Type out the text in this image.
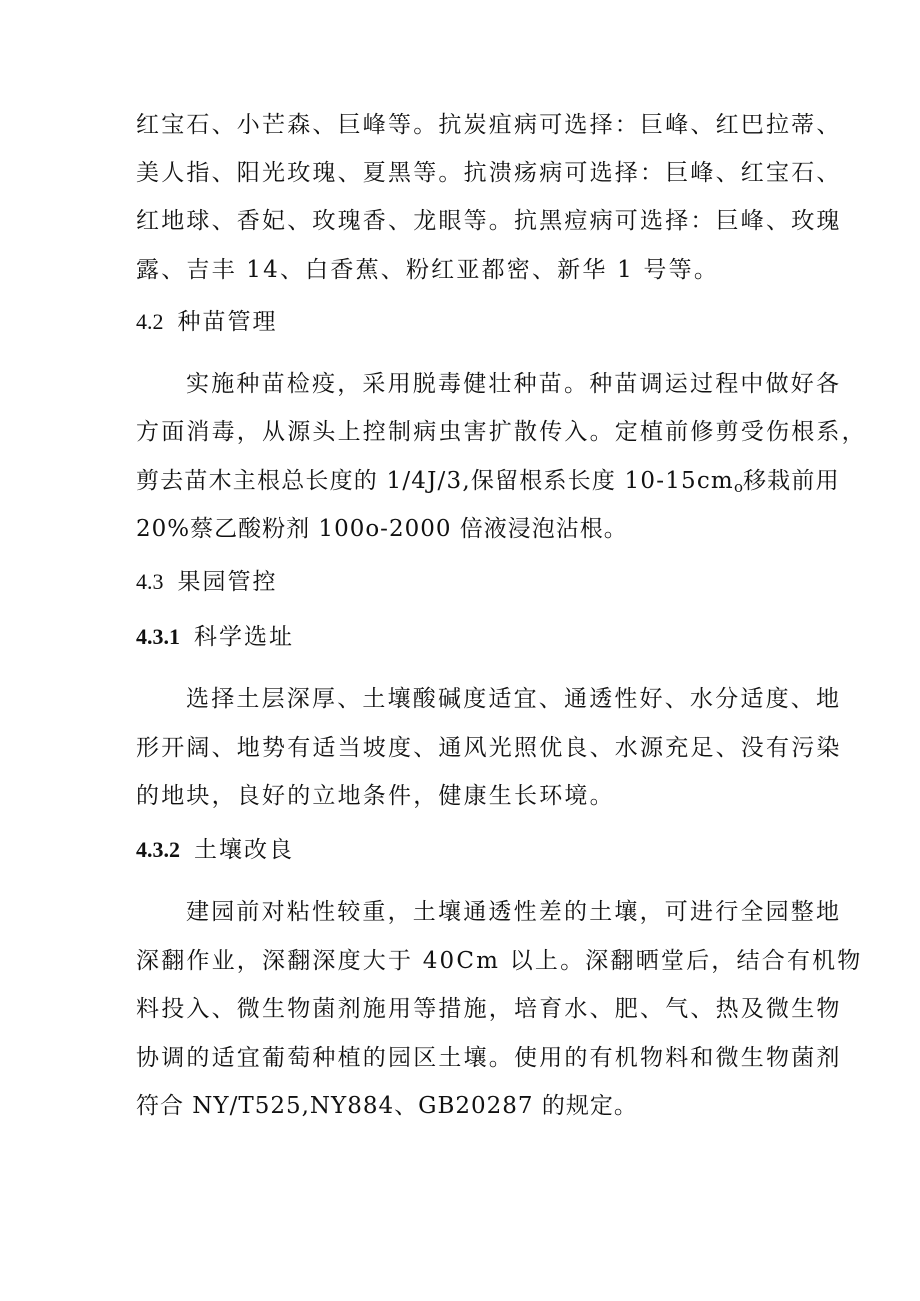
红宝石、小芒森、巨峰等。抗炭疽病可选择：巨峰、红巴拉蒂、
美人指、阳光玫瑰、夏黑等。抗溃疡病可选择：巨峰、红宝石、
红地球、香妃、玫瑰香、龙眼等。抗黑痘病可选择：巨峰、玫瑰
露、吉丰 14、白香蕉、粉红亚都密、新华 1 号等。
4.2 种苗管理
实施种苗检疫，采用脱毒健壮种苗。种苗调运过程中做好各
方面消毒，从源头上控制病虫害扩散传入。定植前修剪受伤根系，
剪去苗木主根总长度的 1/4J/3,保留根系长度 $10-15cm_o$移栽前用
20%蔡乙酸粉剂 100o-2000 倍液浸泡沾根。
4.3 果园管控
4.3.1 科学选址
选择土层深厚、土壤酸碱度适宜、通透性好、水分适度、地
形开阔、地势有适当坡度、通风光照优良、水源充足、没有污染
的地块，良好的立地条件，健康生长环境。
4.3.2 土壤改良
建园前对粘性较重，土壤通透性差的土壤，可进行全园整地
深翻作业，深翻深度大于 40Cm 以上。深翻晒堂后，结合有机物
料投入、微生物菌剂施用等措施，培育水、肥、气、热及微生物
协调的适宜葡萄种植的园区土壤。使用的有机物料和微生物菌剂
符合 NY/T525,NY884、GB20287 的规定。
